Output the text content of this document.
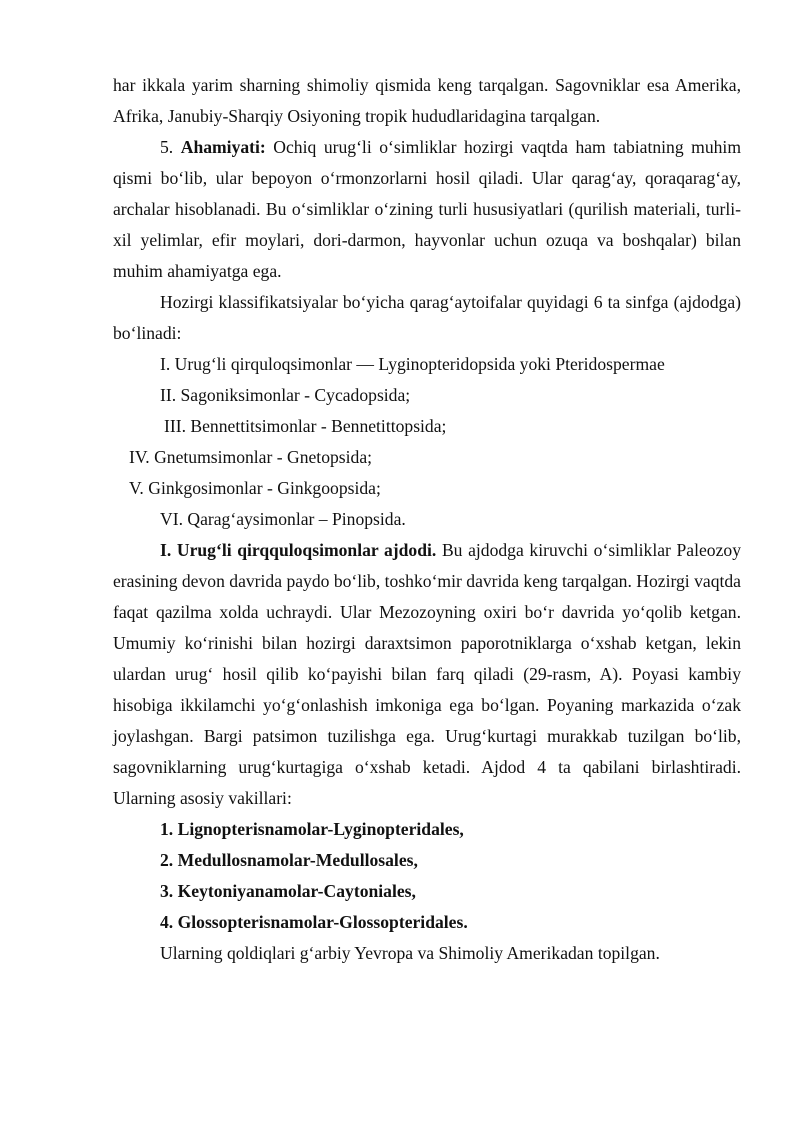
har ikkala yarim sharning shimoliy qismida keng tarqalgan. Sagovniklar esa Amerika, Afrika, Janubiy-Sharqiy Osiyoning tropik hududlaridagina tarqalgan.

5. Ahamiyati: Ochiq urug‘li o‘simliklar hozirgi vaqtda ham tabiatning muhim qismi bo‘lib, ular bepoyon o‘rmonzorlarni hosil qiladi. Ular qarag‘ay, qoraqarag‘ay, archalar hisoblanadi. Bu o‘simliklar o‘zining turli hususiyatlari (qurilish materiali, turli-xil yelimlar, efir moylari, dori-darmon, hayvonlar uchun ozuqa va boshqalar) bilan muhim ahamiyatga ega.

Hozirgi klassifikatsiyalar bo‘yicha qarag‘aytoifalar quyidagi 6 ta sinfga (ajdodga) bo‘linadi:

I. Urug‘li qirquloqsimonlar — Lyginopteridopsida yoki Pteridospermae

II. Sagoniksimonlar - Cycadopsida;

III. Bennettitsimonlar - Bennetittopsida;

IV. Gnetumsimonlar - Gnetopsida;

V. Ginkgosimonlar - Ginkgoopsida;

VI. Qarag‘aysimonlar – Pinopsida.

I. Urug‘li qirqquloqsimonlar ajdodi. Bu ajdodga kiruvchi o‘simliklar Paleozoy erasining devon davrida paydo bo‘lib, toshko‘mir davrida keng tarqalgan. Hozirgi vaqtda faqat qazilma xolda uchraydi. Ular Mezozoyning oxiri bo‘r davrida yo‘qolib ketgan. Umumiy ko‘rinishi bilan hozirgi daraxtsimon paporotniklarga o‘xshab ketgan, lekin ulardan urug‘ hosil qilib ko‘payishi bilan farq qiladi (29-rasm, A). Poyasi kambiy hisobiga ikkilamchi yo‘g‘onlashish imkoniga ega bo‘lgan. Poyaning markazida o‘zak joylashgan. Bargi patsimon tuzilishga ega. Urug‘kurtagi murakkab tuzilgan bo‘lib, sagovniklarning urug‘kurtagiga o‘xshab ketadi. Ajdod 4 ta qabilani birlashtiradi. Ularning asosiy vakillari:

1. Lignopterisnamolar-Lyginopteridales,

2. Medullosnamolar-Medullosales,

3. Keytoniyanamolar-Caytoniales,

4. Glossopterisnamolar-Glossopteridales.

Ularning qoldiqlari g‘arbiy Yevropa va Shimoliy Amerikadan topilgan.
